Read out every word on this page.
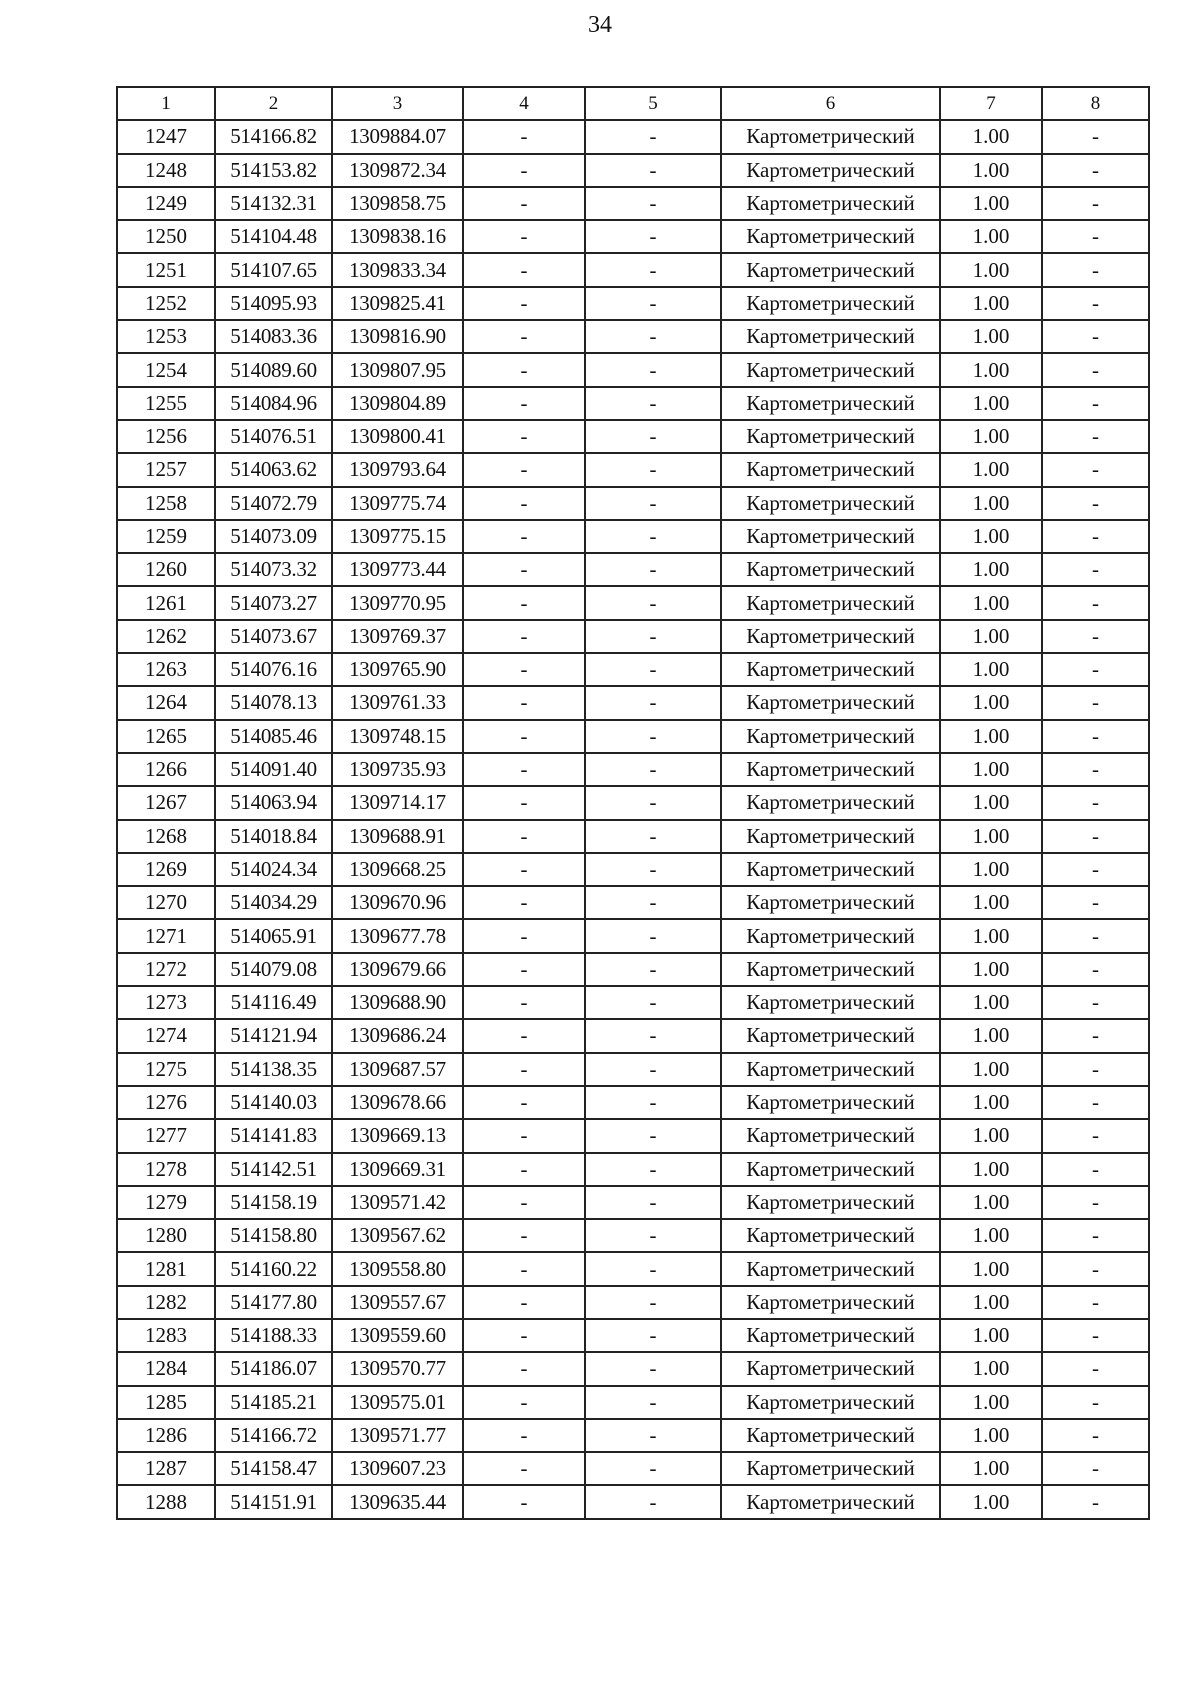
34
1	2	3	4	5	6	7	8
1247	514166.82	1309884.07	-	-	Картометрический	1.00	-
1248	514153.82	1309872.34	-	-	Картометрический	1.00	-
1249	514132.31	1309858.75	-	-	Картометрический	1.00	-
1250	514104.48	1309838.16	-	-	Картометрический	1.00	-
1251	514107.65	1309833.34	-	-	Картометрический	1.00	-
1252	514095.93	1309825.41	-	-	Картометрический	1.00	-
1253	514083.36	1309816.90	-	-	Картометрический	1.00	-
1254	514089.60	1309807.95	-	-	Картометрический	1.00	-
1255	514084.96	1309804.89	-	-	Картометрический	1.00	-
1256	514076.51	1309800.41	-	-	Картометрический	1.00	-
1257	514063.62	1309793.64	-	-	Картометрический	1.00	-
1258	514072.79	1309775.74	-	-	Картометрический	1.00	-
1259	514073.09	1309775.15	-	-	Картометрический	1.00	-
1260	514073.32	1309773.44	-	-	Картометрический	1.00	-
1261	514073.27	1309770.95	-	-	Картометрический	1.00	-
1262	514073.67	1309769.37	-	-	Картометрический	1.00	-
1263	514076.16	1309765.90	-	-	Картометрический	1.00	-
1264	514078.13	1309761.33	-	-	Картометрический	1.00	-
1265	514085.46	1309748.15	-	-	Картометрический	1.00	-
1266	514091.40	1309735.93	-	-	Картометрический	1.00	-
1267	514063.94	1309714.17	-	-	Картометрический	1.00	-
1268	514018.84	1309688.91	-	-	Картометрический	1.00	-
1269	514024.34	1309668.25	-	-	Картометрический	1.00	-
1270	514034.29	1309670.96	-	-	Картометрический	1.00	-
1271	514065.91	1309677.78	-	-	Картометрический	1.00	-
1272	514079.08	1309679.66	-	-	Картометрический	1.00	-
1273	514116.49	1309688.90	-	-	Картометрический	1.00	-
1274	514121.94	1309686.24	-	-	Картометрический	1.00	-
1275	514138.35	1309687.57	-	-	Картометрический	1.00	-
1276	514140.03	1309678.66	-	-	Картометрический	1.00	-
1277	514141.83	1309669.13	-	-	Картометрический	1.00	-
1278	514142.51	1309669.31	-	-	Картометрический	1.00	-
1279	514158.19	1309571.42	-	-	Картометрический	1.00	-
1280	514158.80	1309567.62	-	-	Картометрический	1.00	-
1281	514160.22	1309558.80	-	-	Картометрический	1.00	-
1282	514177.80	1309557.67	-	-	Картометрический	1.00	-
1283	514188.33	1309559.60	-	-	Картометрический	1.00	-
1284	514186.07	1309570.77	-	-	Картометрический	1.00	-
1285	514185.21	1309575.01	-	-	Картометрический	1.00	-
1286	514166.72	1309571.77	-	-	Картометрический	1.00	-
1287	514158.47	1309607.23	-	-	Картометрический	1.00	-
1288	514151.91	1309635.44	-	-	Картометрический	1.00	-
